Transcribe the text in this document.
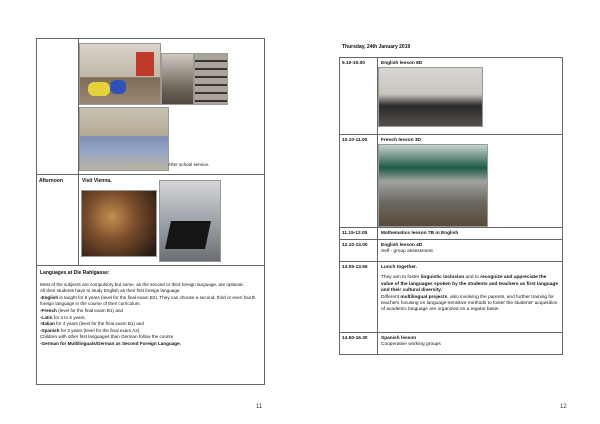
After school service.
Afternoon	Visit Vienna.
Languages at Die Rahlgasse:
Most of the subjects are compulsory but some, as the second or third foreign language, are optional.
All their students have to study English as their first foreign language.
-English is taught for 8 years (level for the final exam B2). They can choose a second, third or even fourth foreign language in the course of their curriculum.
-French (level for the final exam B1) and
-Latin for 4 to 6 years,
-Italian for 4 years (level for the final exam B1) and
-Spanish for 3 years (level for the final exam A2).
Children with other first languages than German follow the course
-German for Multilinguals/German as Second Foreign Language.
11
Thursday, 24th January 2019
9.10-10.00	English lesson 8D
10.10-11.00	French lesson 3D
11.15-12.05	Mathematics lesson 7B in English
12.10-13.00	English lesson 4D
Self - group assessment.
13.05-13.55	Lunch together.
They aim to foster linguistic inclusion and to recognize and appreciate the value of the languages spoken by the students and teachers as first language and their cultural diversity.
Different multilingual projects, also involving the parents, and further training for teachers focusing on language-sensitive methods to foster the students' acquisition of academic language are organized on a regular basis.
14.50-16.30	Spanish lesson
Cooperative working groups
12
